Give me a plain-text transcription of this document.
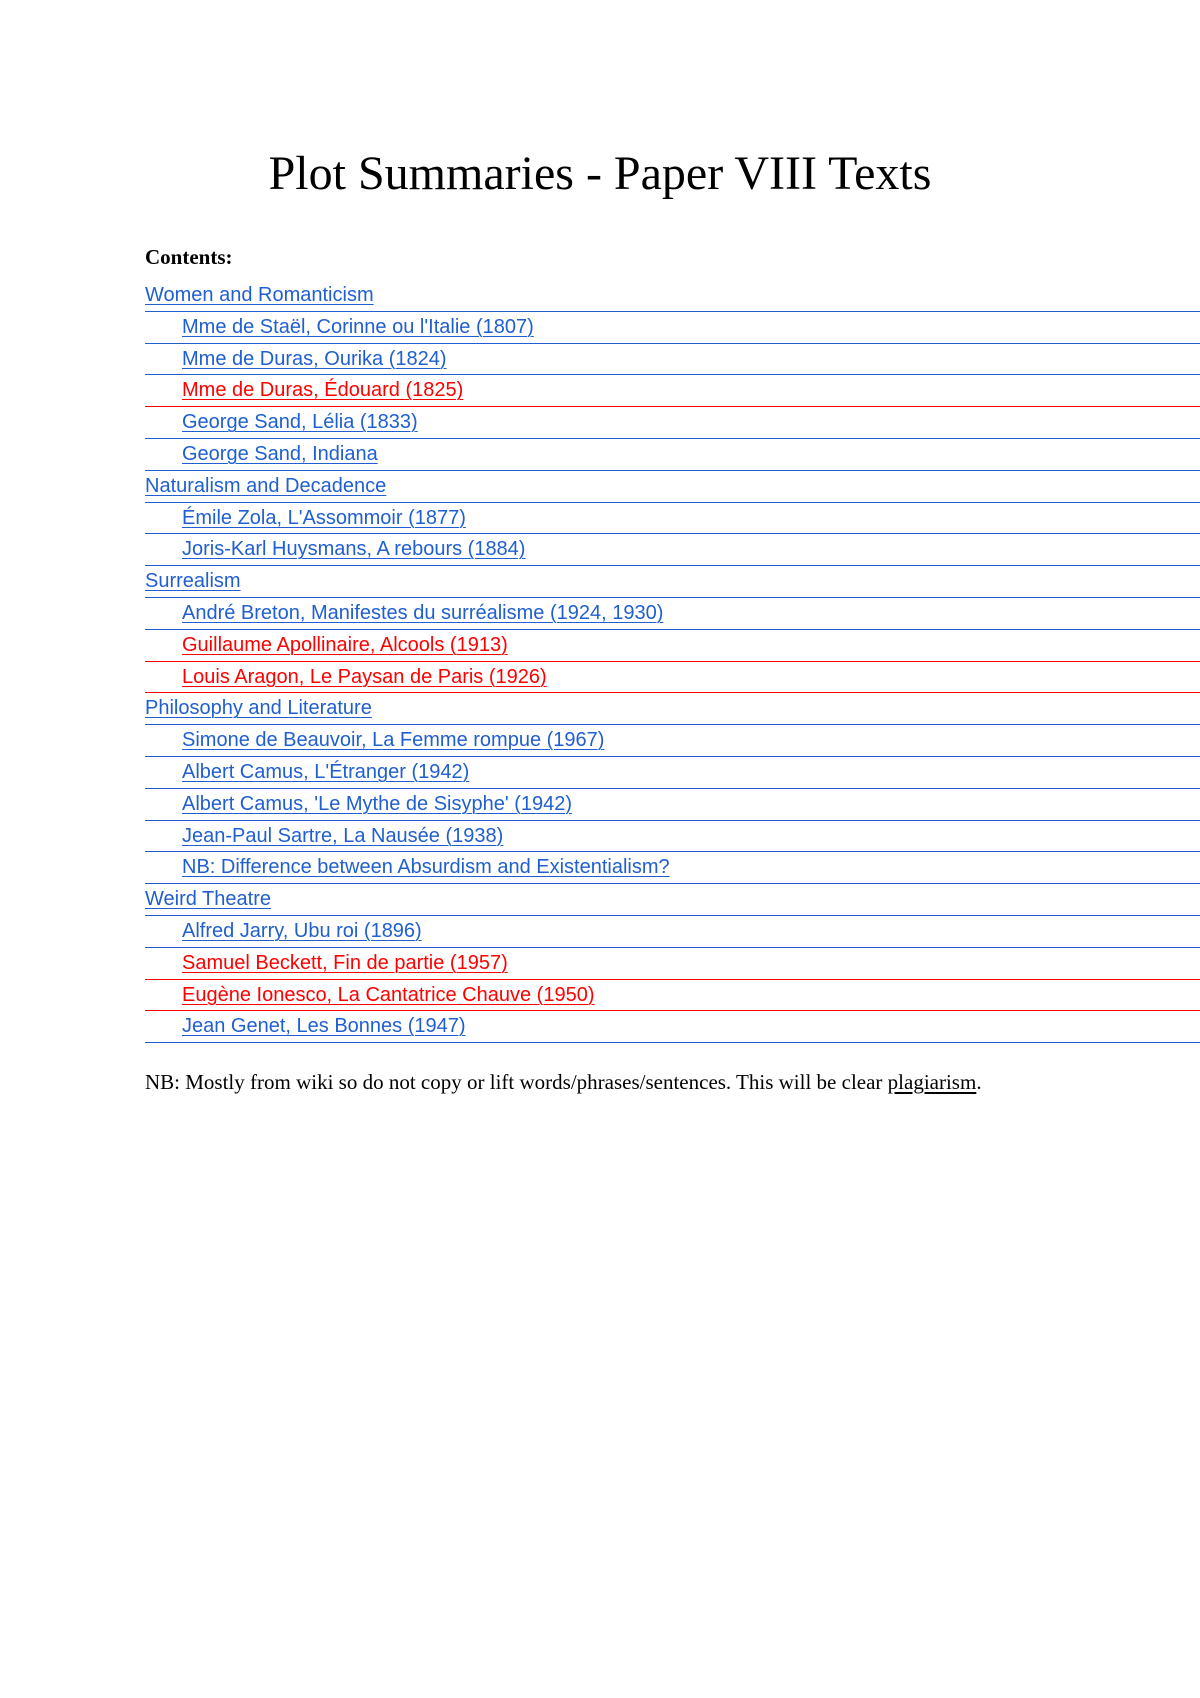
Plot Summaries - Paper VIII Texts

Contents:

Women and Romanticism
Mme de Staël, Corinne ou l'Italie (1807)
Mme de Duras, Ourika (1824)
Mme de Duras, Édouard (1825)
George Sand, Lélia (1833)
George Sand, Indiana
Naturalism and Decadence
Émile Zola, L'Assommoir (1877)
Joris-Karl Huysmans, A rebours (1884)
Surrealism
André Breton, Manifestes du surréalisme (1924, 1930)
Guillaume Apollinaire, Alcools (1913)
Louis Aragon, Le Paysan de Paris (1926)
Philosophy and Literature
Simone de Beauvoir, La Femme rompue (1967)
Albert Camus, L'Étranger (1942)
Albert Camus, 'Le Mythe de Sisyphe' (1942)
Jean-Paul Sartre, La Nausée (1938)
NB: Difference between Absurdism and Existentialism?
Weird Theatre
Alfred Jarry, Ubu roi (1896)
Samuel Beckett, Fin de partie (1957)
Eugène Ionesco, La Cantatrice Chauve (1950)
Jean Genet, Les Bonnes (1947)

NB: Mostly from wiki so do not copy or lift words/phrases/sentences. This will be clear plagiarism.
